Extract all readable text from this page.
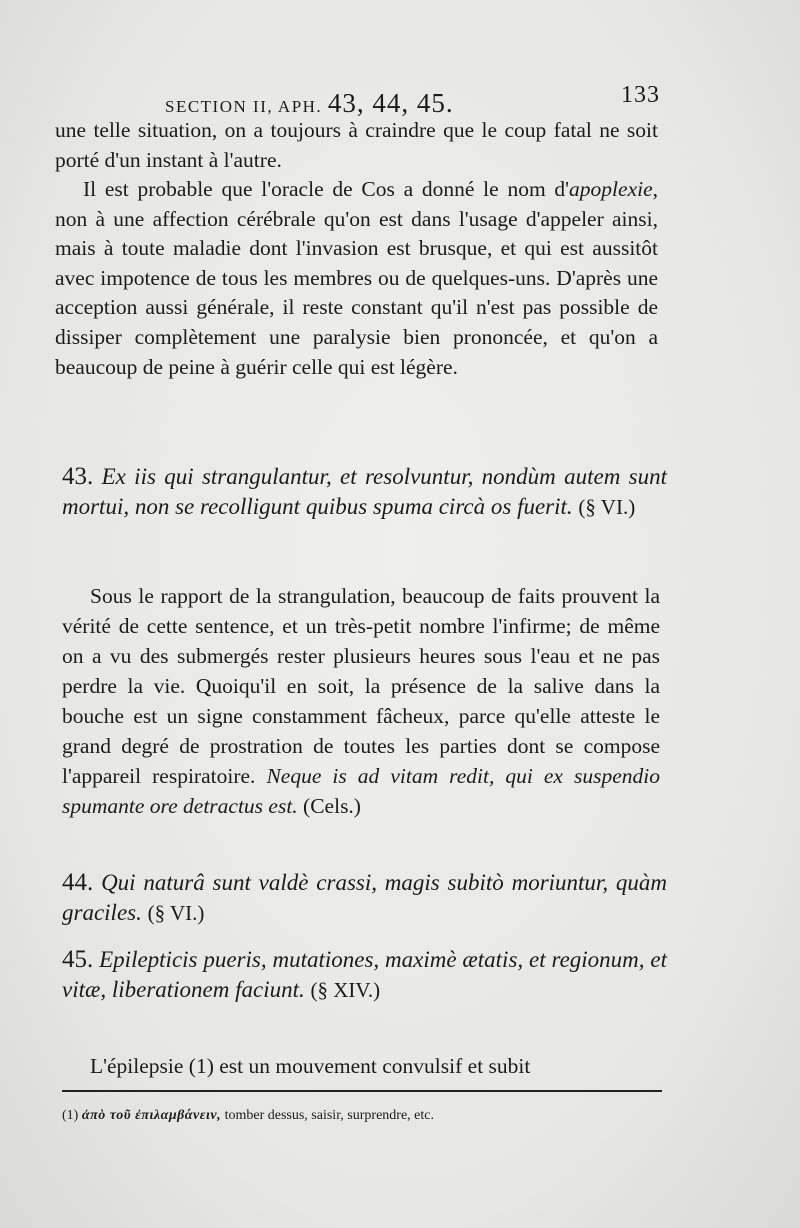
SECTION II, APH. 43, 44, 45.	133
une telle situation, on a toujours à craindre que le coup fatal ne soit porté d'un instant à l'autre.
Il est probable que l'oracle de Cos a donné le nom d'apoplexie, non à une affection cérébrale qu'on est dans l'usage d'appeler ainsi, mais à toute maladie dont l'invasion est brusque, et qui est aussitôt avec impotence de tous les membres ou de quelques-uns. D'après une acception aussi générale, il reste constant qu'il n'est pas possible de dissiper complètement une paralysie bien prononcée, et qu'on a beaucoup de peine à guérir celle qui est légère.
43. Ex iis qui strangulantur, et resolvuntur, nondùm autem sunt mortui, non se recolligunt quibus spuma circà os fuerit. (§ VI.)
Sous le rapport de la strangulation, beaucoup de faits prouvent la vérité de cette sentence, et un très-petit nombre l'infirme; de même on a vu des submergés rester plusieurs heures sous l'eau et ne pas perdre la vie. Quoiqu'il en soit, la présence de la salive dans la bouche est un signe constamment fâcheux, parce qu'elle atteste le grand degré de prostration de toutes les parties dont se compose l'appareil respiratoire. Neque is ad vitam redit, qui ex suspendio spumante ore detractus est. (Cels.)
44. Qui naturâ sunt valdè crassi, magis subitò moriuntur, quàm graciles. (§ VI.)
45. Epilepticis pueris, mutationes, maximè ætatis, et regionum, et vitæ, liberationem faciunt. (§ XIV.)
L'épilepsie (1) est un mouvement convulsif et subit
(1) ἀπὸ τοῦ ἐπιλαμβάνειν, tomber dessus, saisir, surprendre, etc.
